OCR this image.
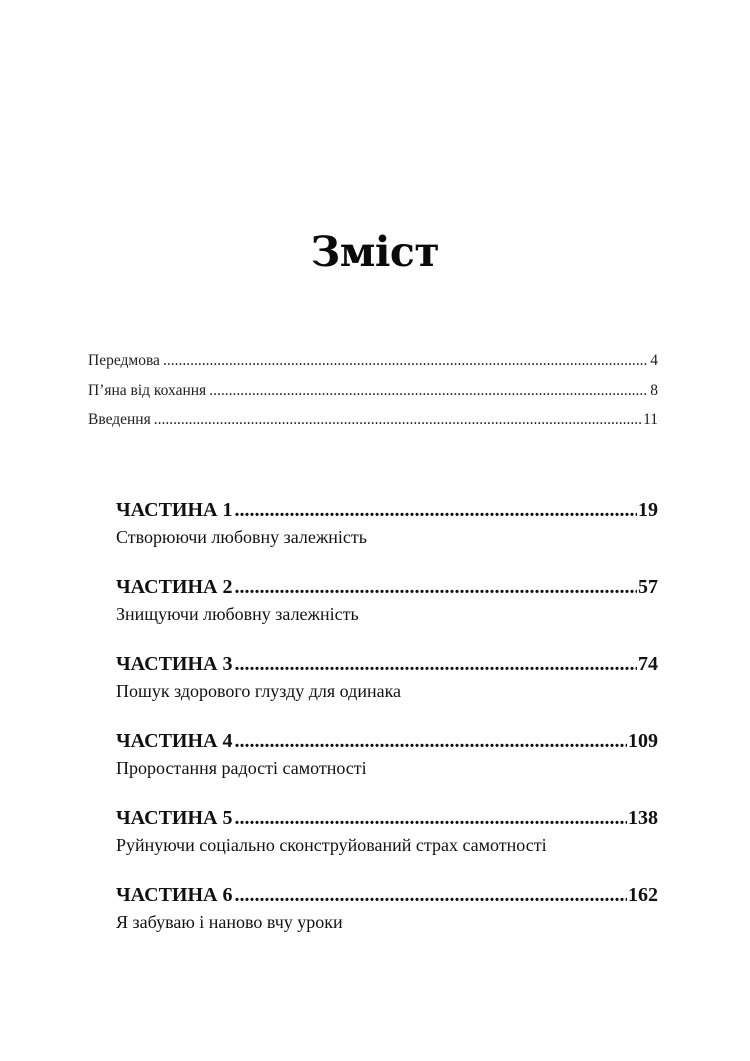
Зміст
Передмова .....	4
П’яна від кохання .....	8
Введення .....	11
ЧАСТИНА 1 .....	19
Створюючи любовну залежність
ЧАСТИНА 2 .....	57
Знищуючи любовну залежність
ЧАСТИНА 3 .....	74
Пошук здорового глузду для одинака
ЧАСТИНА 4 .....	109
Проростання радості самотності
ЧАСТИНА 5 .....	138
Руйнуючи соціально сконструйований страх самотності
ЧАСТИНА 6 .....	162
Я забуваю і наново вчу уроки
